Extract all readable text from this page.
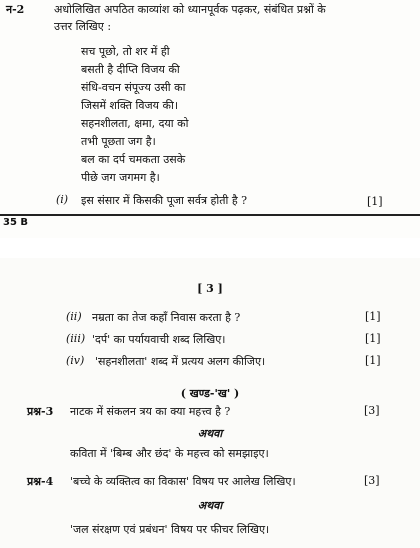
न-2	अधोलिखित अपठित काव्यांश को ध्यानपूर्वक पढ़कर, संबंधित प्रश्नों के
उत्तर लिखिए :
सच पूछो, तो शर में ही
बसती है दीप्ति विजय की
संधि-वचन संपूज्य उसी का
जिसमें शक्ति विजय की।
सहनशीलता, क्षमा, दया को
तभी पूछता जग है।
बल का दर्प चमकता उसके
पीछे जग जगमग है।
(i) इस संसार में किसकी पूजा सर्वत्र होती है ?	[1]
35 B
[ 3 ]
(ii) नम्रता का तेज कहाँ निवास करता है ?	[1]
(iii) 'दर्प' का पर्यायवाची शब्द लिखिए।	[1]
(iv) 'सहनशीलता' शब्द में प्रत्यय अलग कीजिए।	[1]
( खण्ड-'ख' )
प्रश्न-3 नाटक में संकलन त्रय का क्या महत्त्व है ?	[3]
अथवा
कविता में 'बिम्ब और छंद' के महत्त्व को समझाइए।
प्रश्न-4 'बच्चे के व्यक्तित्व का विकास' विषय पर आलेख लिखिए।	[3]
अथवा
'जल संरक्षण एवं प्रबंधन' विषय पर फीचर लिखिए।
